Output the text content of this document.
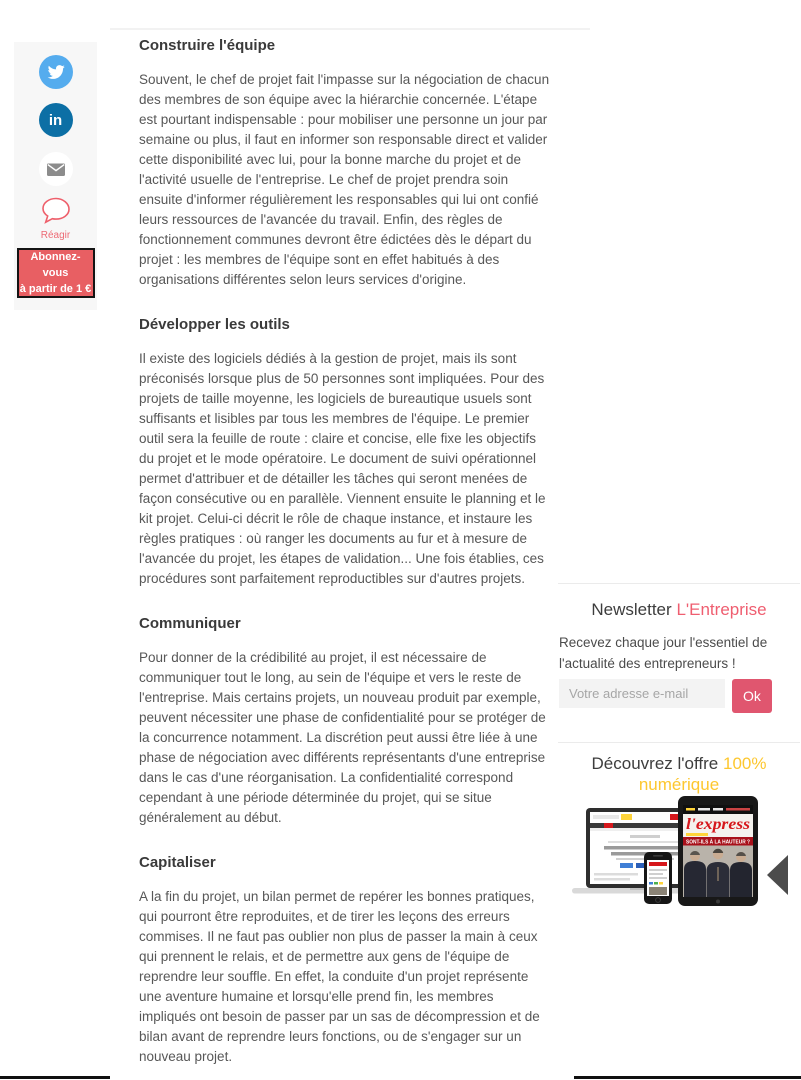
in
Réagir
Abonnez-vous
à partir de 1 €
Construire l'équipe

Souvent, le chef de projet fait l'impasse sur la négociation de chacun des membres de son équipe avec la hiérarchie concernée. L'étape est pourtant indispensable : pour mobiliser une personne un jour par semaine ou plus, il faut en informer son responsable direct et valider cette disponibilité avec lui, pour la bonne marche du projet et de l'activité usuelle de l'entreprise. Le chef de projet prendra soin ensuite d'informer régulièrement les responsables qui lui ont confié leurs ressources de l'avancée du travail. Enfin, des règles de fonctionnement communes devront être édictées dès le départ du projet : les membres de l'équipe sont en effet habitués à des organisations différentes selon leurs services d'origine.

Développer les outils

Il existe des logiciels dédiés à la gestion de projet, mais ils sont préconisés lorsque plus de 50 personnes sont impliquées. Pour des projets de taille moyenne, les logiciels de bureautique usuels sont suffisants et lisibles par tous les membres de l'équipe. Le premier outil sera la feuille de route : claire et concise, elle fixe les objectifs du projet et le mode opératoire. Le document de suivi opérationnel permet d'attribuer et de détailler les tâches qui seront menées de façon consécutive ou en parallèle. Viennent ensuite le planning et le kit projet. Celui-ci décrit le rôle de chaque instance, et instaure les règles pratiques : où ranger les documents au fur et à mesure de l'avancée du projet, les étapes de validation... Une fois établies, ces procédures sont parfaitement reproductibles sur d'autres projets.

Communiquer

Pour donner de la crédibilité au projet, il est nécessaire de communiquer tout le long, au sein de l'équipe et vers le reste de l'entreprise. Mais certains projets, un nouveau produit par exemple, peuvent nécessiter une phase de confidentialité pour se protéger de la concurrence notamment. La discrétion peut aussi être liée à une phase de négociation avec différents représentants d'une entreprise dans le cas d'une réorganisation. La confidentialité correspond cependant à une période déterminée du projet, qui se situe généralement au début.

Capitaliser

A la fin du projet, un bilan permet de repérer les bonnes pratiques, qui pourront être reproduites, et de tirer les leçons des erreurs commises. Il ne faut pas oublier non plus de passer la main à ceux qui prennent le relais, et de permettre aux gens de l'équipe de reprendre leur souffle. En effet, la conduite d'un projet représente une aventure humaine et lorsqu'elle prend fin, les membres impliqués ont besoin de passer par un sas de décompression et de bilan avant de reprendre leurs fonctions, ou de s'engager sur un nouveau projet.

Newsletter L'Entreprise

Recevez chaque jour l'essentiel de l'actualité des entrepreneurs !

Votre adresse e-mail
Ok
Découvrez l'offre 100% numérique
l'express
SONT-ILS À LA HAUTEUR ?
